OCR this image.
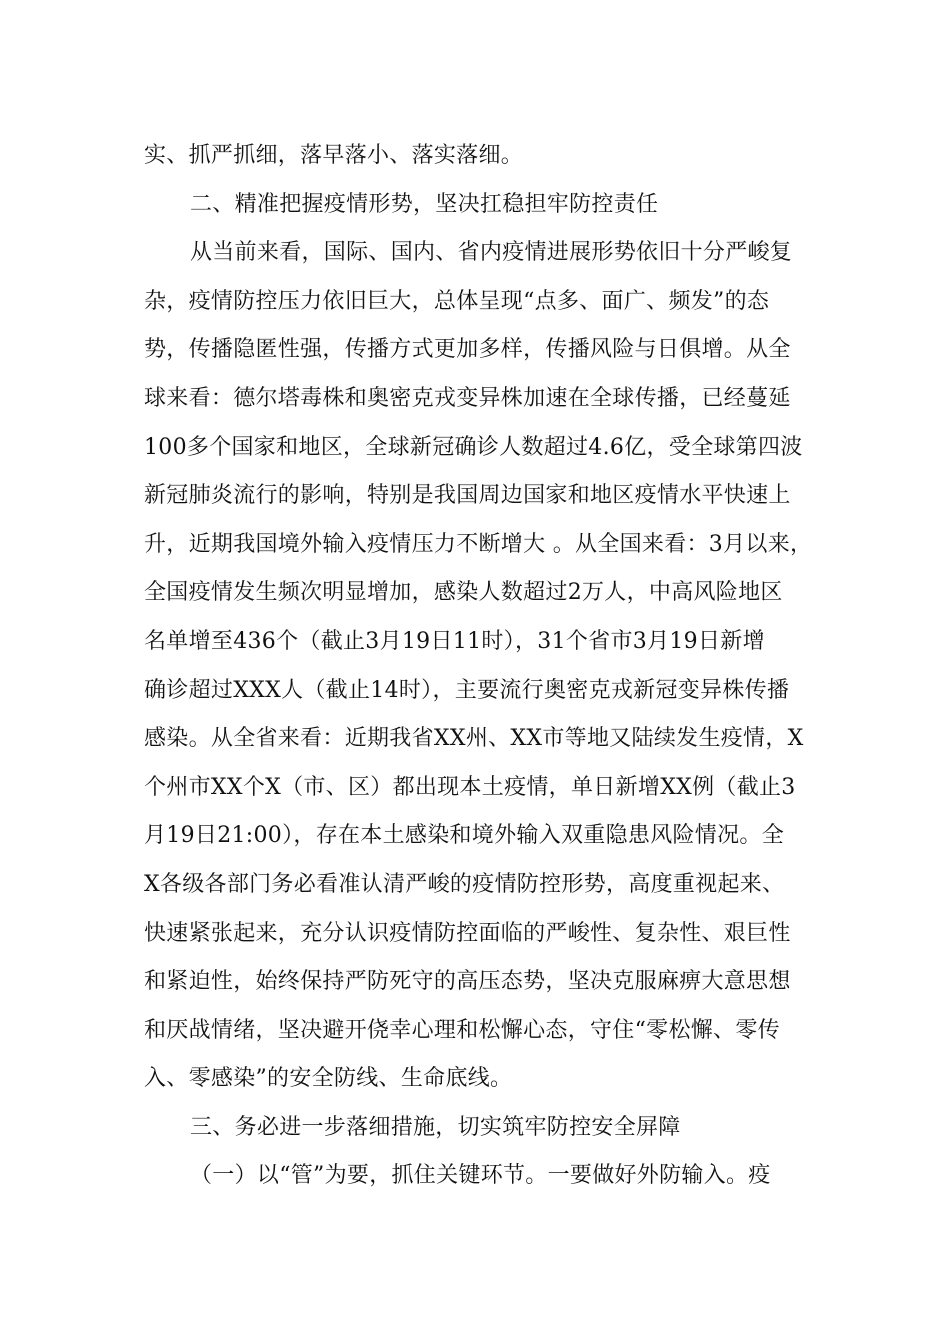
实、抓严抓细，落早落小、落实落细。
二、精准把握疫情形势，坚决扛稳担牢防控责任
从当前来看，国际、国内、省内疫情进展形势依旧十分严峻复
杂，疫情防控压力依旧巨大，总体呈现“点多、面广、频发”的态
势，传播隐匿性强，传播方式更加多样，传播风险与日俱增。从全
球来看：德尔塔毒株和奥密克戎变异株加速在全球传播，已经蔓延
100多个国家和地区，全球新冠确诊人数超过4.6亿，受全球第四波
新冠肺炎流行的影响，特别是我国周边国家和地区疫情水平快速上
升，近期我国境外输入疫情压力不断增大 。从全国来看：3月以来，
全国疫情发生频次明显增加，感染人数超过2万人，中高风险地区
名单增至436个（截止3月19日11时），31个省市3月19日新增
确诊超过XXX人（截止14时），主要流行奥密克戎新冠变异株传播
感染。从全省来看：近期我省XX州、XX市等地又陆续发生疫情，X
个州市XX个X（市、区）都出现本土疫情，单日新增XX例（截止3
月19日21:00），存在本土感染和境外输入双重隐患风险情况。全
X各级各部门务必看准认清严峻的疫情防控形势，高度重视起来、
快速紧张起来，充分认识疫情防控面临的严峻性、复杂性、艰巨性
和紧迫性，始终保持严防死守的高压态势，坚决克服麻痹大意思想
和厌战情绪，坚决避开侥幸心理和松懈心态，守住“零松懈、零传
入、零感染”的安全防线、生命底线。
三、务必进一步落细措施，切实筑牢防控安全屏障
（一）以“管”为要，抓住关键环节。一要做好外防输入。疫
